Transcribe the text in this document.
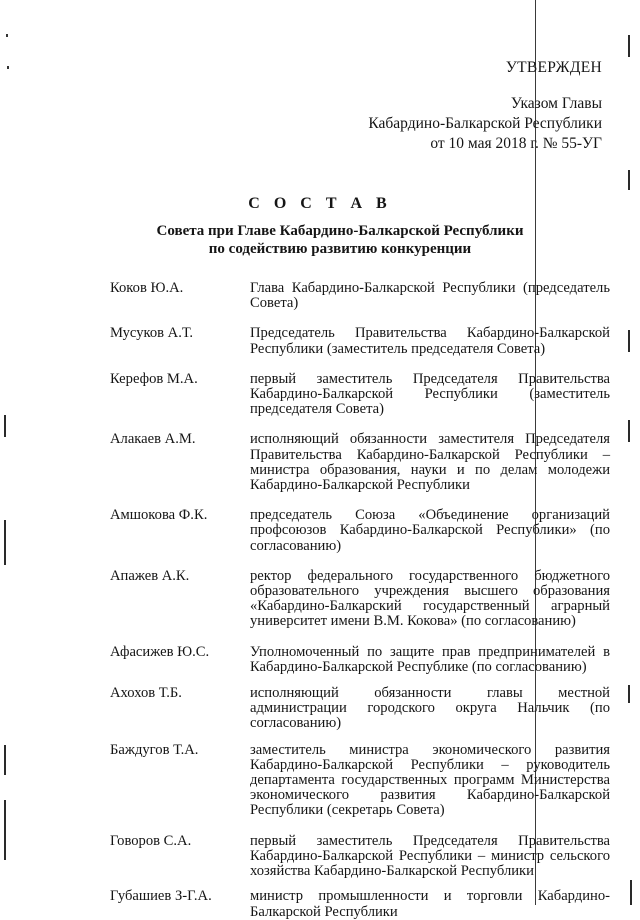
УТВЕРЖДЕН
Указом Главы
Кабардино-Балкарской Республики
от 10 мая 2018 г. № 55-УГ
С О С Т А В
Совета при Главе Кабардино-Балкарской Республики
по содействию развитию конкуренции
Коков Ю.А.	Глава Кабардино-Балкарской Республики (председатель Совета)
Мусуков А.Т.	Председатель Правительства Кабардино-Балкарской Республики (заместитель председателя Совета)
Керефов М.А.	первый заместитель Председателя Правительства Кабардино-Балкарской Республики (заместитель председателя Совета)
Алакаев А.М.	исполняющий обязанности заместителя Председателя Правительства Кабардино-Балкарской Республики – министра образования, науки и по делам молодежи Кабардино-Балкарской Республики
Амшокова Ф.К.	председатель Союза «Объединение организаций профсоюзов Кабардино-Балкарской Республики» (по согласованию)
Апажев А.К.	ректор федерального государственного бюджетного образовательного учреждения высшего образования «Кабардино-Балкарский государственный аграрный университет имени В.М. Кокова» (по согласованию)
Афасижев Ю.С.	Уполномоченный по защите прав предпринимателей в Кабардино-Балкарской Республике (по согласованию)
Ахохов Т.Б.	исполняющий обязанности главы местной администрации городского округа Нальчик (по согласованию)
Баждугов Т.А.	заместитель министра экономического развития Кабардино-Балкарской Республики – руководитель департамента государственных программ Министерства экономического развития Кабардино-Балкарской Республики (секретарь Совета)
Говоров С.А.	первый заместитель Председателя Правительства Кабардино-Балкарской Республики – министр сельского хозяйства Кабардино-Балкарской Республики
Губашиев З-Г.А.	министр промышленности и торговли Кабардино-Балкарской Республики
